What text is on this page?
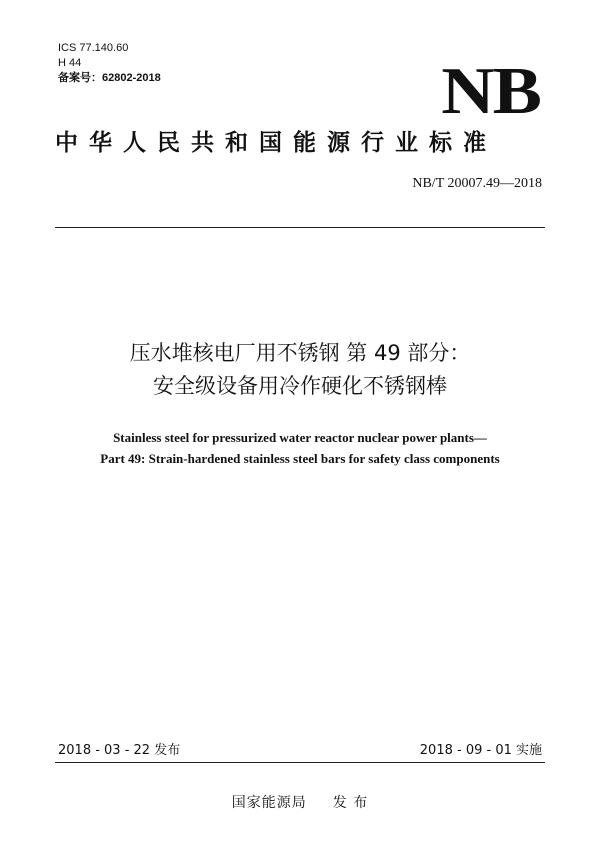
ICS 77.140.60
H 44
备案号：62802-2018	NB
中华人民共和国能源行业标准
NB/T 20007.49—2018
压水堆核电厂用不锈钢 第 49 部分：
安全级设备用冷作硬化不锈钢棒
Stainless steel for pressurized water reactor nuclear power plants—
Part 49: Strain-hardened stainless steel bars for safety class components
2018 - 03 - 22 发布	2018 - 09 - 01 实施
国家能源局 发 布
